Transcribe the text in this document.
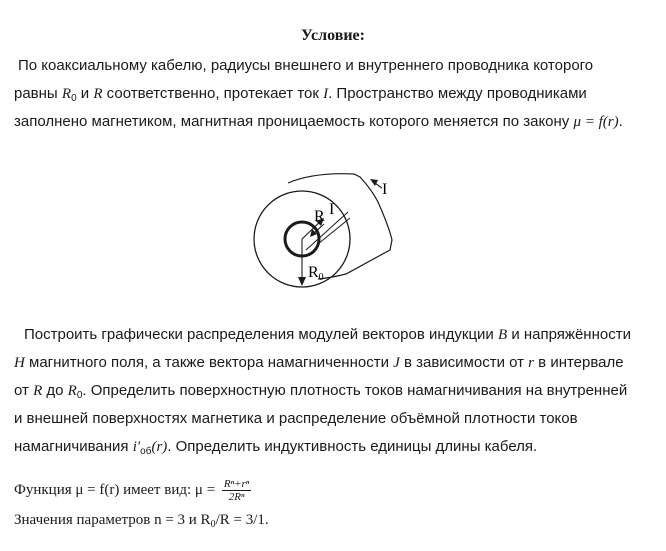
Условие:
По коаксиальному кабелю, радиусы внешнего и внутреннего проводника которого
равны $R_0$ и R соответственно, протекает ток I. Пространство между проводниками
заполнено магнетиком, магнитная проницаемость которого меняется по закону μ = f(r).
I
R I
R0
Построить графически распределения модулей векторов индукции B и напряжённости
H магнитного поля, а также вектора намагниченности J в зависимости от r в интервале
от R до $R_0$. Определить поверхностную плотность токов намагничивания на внутренней
и внешней поверхностях магнетика и распределение объёмной плотности токов
намагничивания $i'_{об}(r)$. Определить индуктивность единицы длины кабеля.
Функция μ = f(r) имеет вид: $\mu = \frac{\text{Rⁿ+rⁿ}}{\text{2Rⁿ}}$
Значения параметров n = 3 и $R_0/R = 3/1$.
